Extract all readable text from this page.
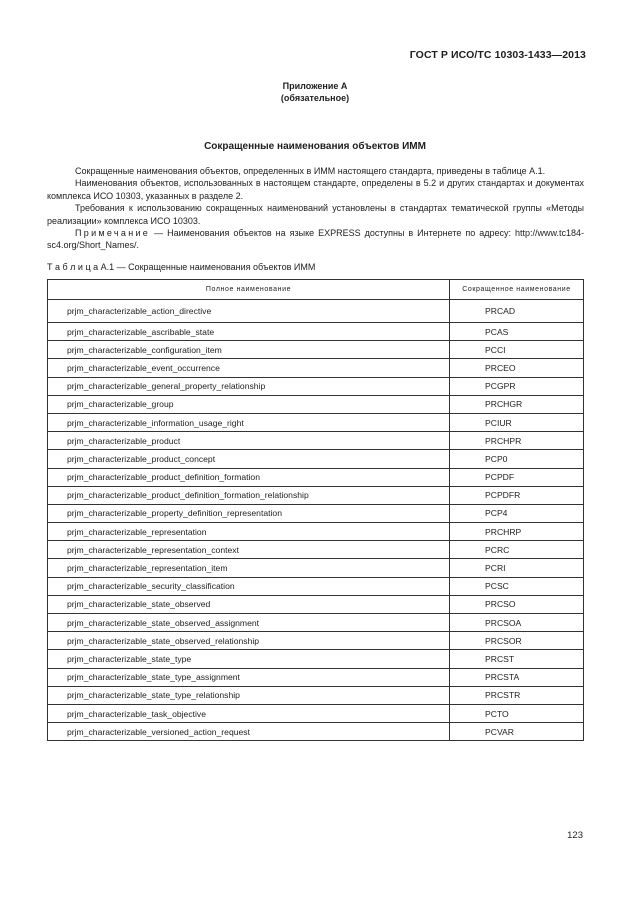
ГОСТ Р ИСО/ТС 10303-1433—2013
Приложение А
(обязательное)
Сокращенные наименования объектов ИММ

Сокращенные наименования объектов, определенных в ИММ настоящего стандарта, приведены в таблице А.1.

Наименования объектов, использованных в настоящем стандарте, определены в 5.2 и других стандартах и документах комплекса ИСО 10303, указанных в разделе 2.

Требования к использованию сокращенных наименований установлены в стандартах тематической группы «Методы реализации» комплекса ИСО 10303.

Примечание — Наименования объектов на языке EXPRESS доступны в Интернете по адресу: http://www.tc184-sc4.org/Short_Names/.

Т а б л и ц а А.1 — Сокращенные наименования объектов ИММ
Полное наименование	Сокращенное наименование
prjm_characterizable_action_directive	PRCAD
prjm_characterizable_ascribable_state	PCAS
prjm_characterizable_configuration_item	PCCI
prjm_characterizable_event_occurrence	PRCEO
prjm_characterizable_general_property_relationship	PCGPR
prjm_characterizable_group	PRCHGR
prjm_characterizable_information_usage_right	PCIUR
prjm_characterizable_product	PRCHPR
prjm_characterizable_product_concept	PCP0
prjm_characterizable_product_definition_formation	PCPDF
prjm_characterizable_product_definition_formation_relationship	PCPDFR
prjm_characterizable_property_definition_representation	PCP4
prjm_characterizable_representation	PRCHRP
prjm_characterizable_representation_context	PCRC
prjm_characterizable_representation_item	PCRI
prjm_characterizable_security_classification	PCSC
prjm_characterizable_state_observed	PRCSO
prjm_characterizable_state_observed_assignment	PRCSOA
prjm_characterizable_state_observed_relationship	PRCSOR
prjm_characterizable_state_type	PRCST
prjm_characterizable_state_type_assignment	PRCSTA
prjm_characterizable_state_type_relationship	PRCSTR
prjm_characterizable_task_objective	PCTO
prjm_characterizable_versioned_action_request	PCVAR
123
